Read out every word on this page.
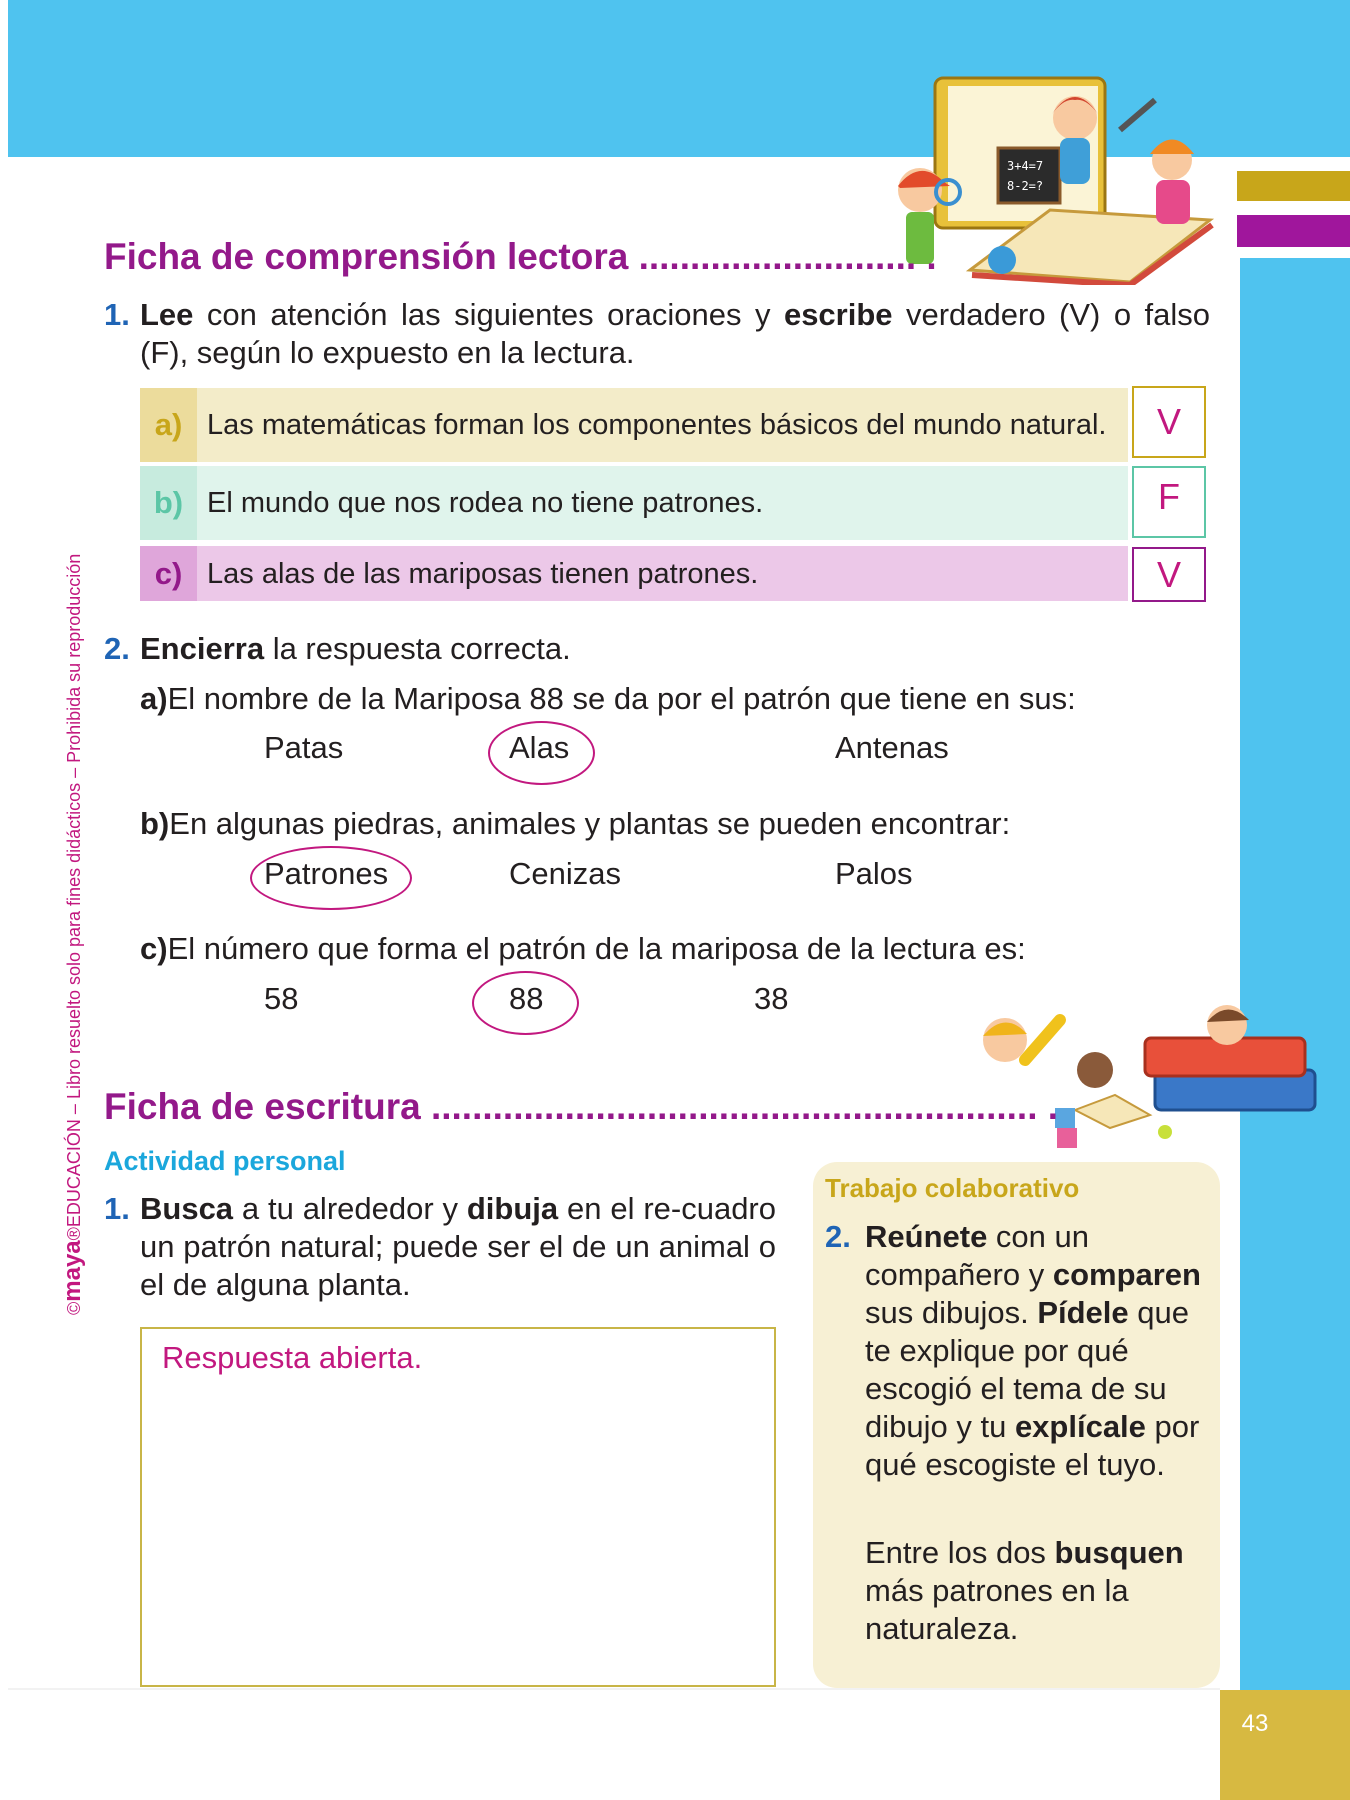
43
3+4=7
8-2=?
©maya®EDUCACIÓN – Libro resuelto solo para fines didácticos – Prohibida su reproducción
Ficha de comprensión lectora ........................... .
1. Lee con atención las siguientes oraciones y escribe verdadero (V) o falso (F), según lo expuesto en la lectura.
a) Las matemáticas forman los componentes básicos del mundo natural.	V
b) El mundo que nos rodea no tiene patrones.	F
c) Las alas de las mariposas tienen patrones.	V
2. Encierra la respuesta correcta.
a)El nombre de la Mariposa 88 se da por el patrón que tiene en sus:
Patas	Alas	Antenas
b)En algunas piedras, animales y plantas se pueden encontrar:
Patrones	Cenizas	Palos
c)El número que forma el patrón de la mariposa de la lectura es:
58	88	38
Ficha de escritura ........................................................... .
Actividad personal
1. Busca a tu alrededor y dibuja en el re-cuadro un patrón natural; puede ser el de un animal o el de alguna planta.
Respuesta abierta.
Trabajo colaborativo
2. Reúnete con un compañero y comparen sus dibujos. Pídele que te explique por qué escogió el tema de su dibujo y tu explícale por qué escogiste el tuyo.
Entre los dos busquen más patrones en la naturaleza.
